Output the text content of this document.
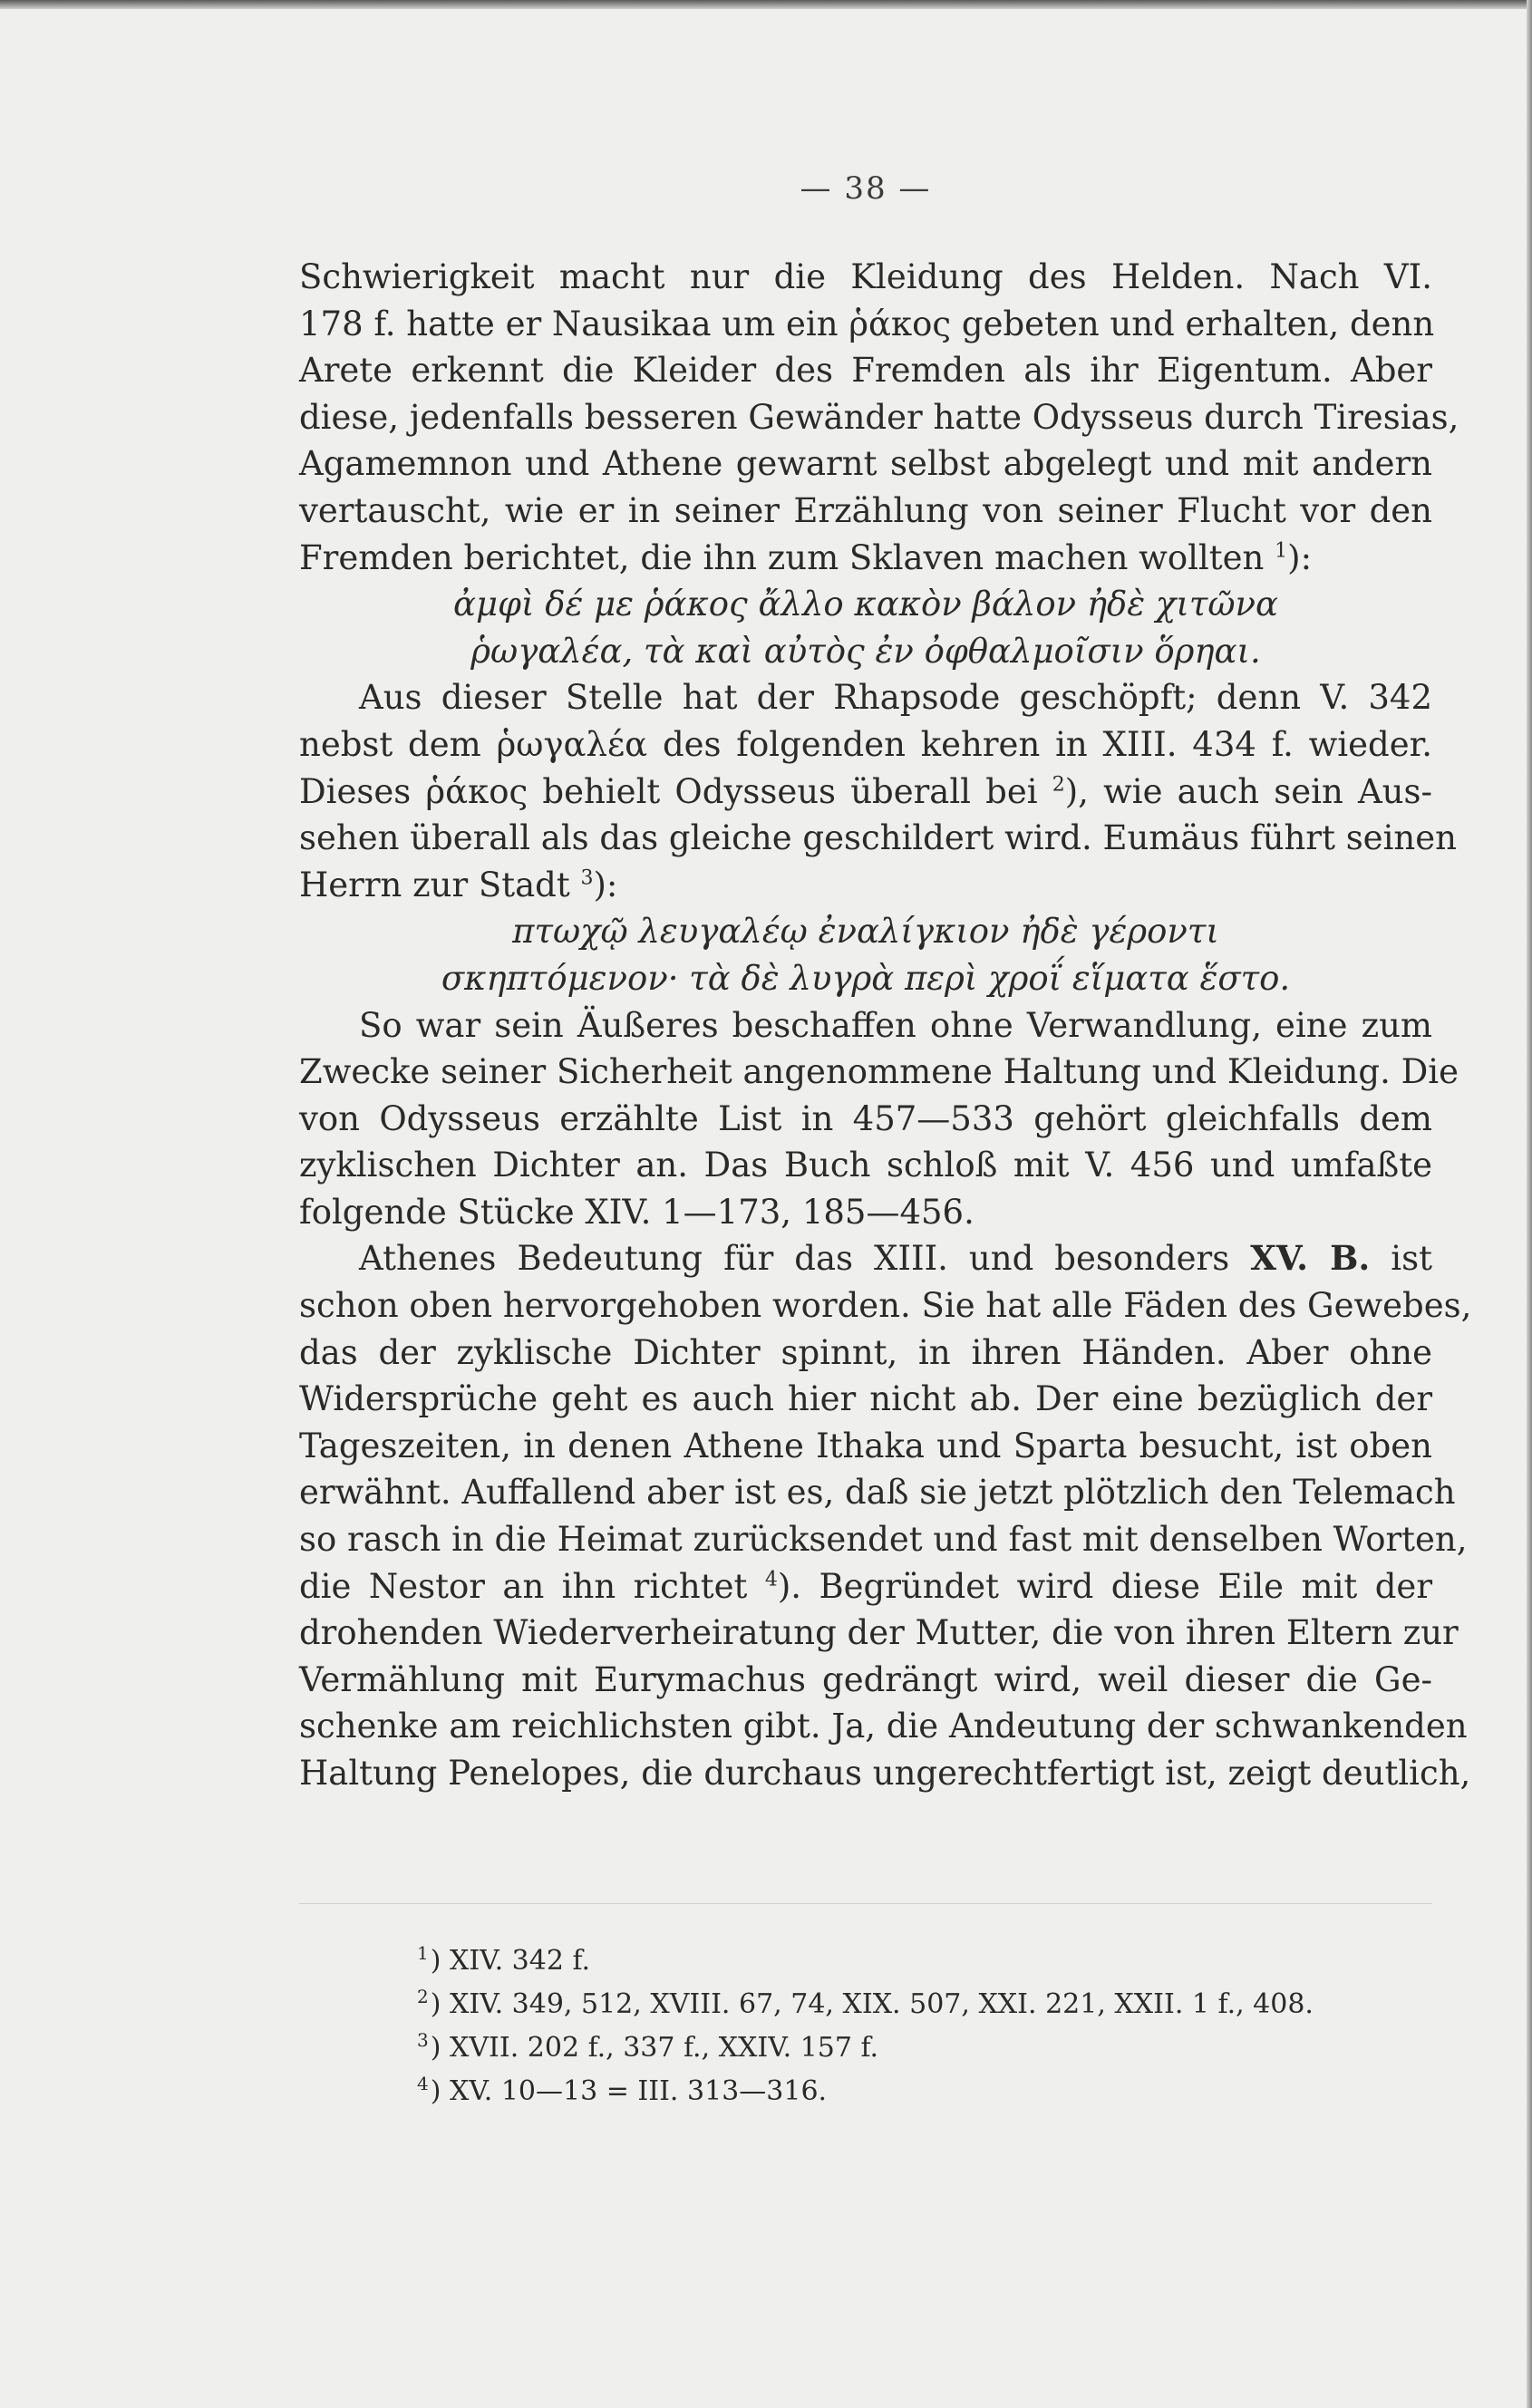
— 38 —

Schwierigkeit macht nur die Kleidung des Helden. Nach VI.
178 f. hatte er Nausikaa um ein ῥάκος gebeten und erhalten, denn
Arete erkennt die Kleider des Fremden als ihr Eigentum. Aber
diese, jedenfalls besseren Gewänder hatte Odysseus durch Tiresias,
Agamemnon und Athene gewarnt selbst abgelegt und mit andern
vertauscht, wie er in seiner Erzählung von seiner Flucht vor den
Fremden berichtet, die ihn zum Sklaven machen wollten $^1$):

ἀμφὶ δέ με ῥάκος ἄλλο κακὸν βάλον ἠδὲ χιτῶνα
ῥωγαλέα, τὰ καὶ αὐτὸς ἐν ὀφθαλμοῖσιν ὅρηαι.

Aus dieser Stelle hat der Rhapsode geschöpft; denn V. 342
nebst dem ῥωγαλέα des folgenden kehren in XIII. 434 f. wieder.
Dieses ῥάκος behielt Odysseus überall bei $^2$), wie auch sein Aus-
sehen überall als das gleiche geschildert wird. Eumäus führt seinen
Herrn zur Stadt $^3$):

πτωχῷ λευγαλέῳ ἐναλίγκιον ἠδὲ γέροντι
σκηπτόμενον· τὰ δὲ λυγρὰ περὶ χροΐ εἵματα ἕστο.

So war sein Äußeres beschaffen ohne Verwandlung, eine zum
Zwecke seiner Sicherheit angenommene Haltung und Kleidung. Die
von Odysseus erzählte List in 457—533 gehört gleichfalls dem
zyklischen Dichter an. Das Buch schloß mit V. 456 und umfaßte
folgende Stücke XIV. 1—173, 185—456.

Athenes Bedeutung für das XIII. und besonders XV. B. ist
schon oben hervorgehoben worden. Sie hat alle Fäden des Gewebes,
das der zyklische Dichter spinnt, in ihren Händen. Aber ohne
Widersprüche geht es auch hier nicht ab. Der eine bezüglich der
Tageszeiten, in denen Athene Ithaka und Sparta besucht, ist oben
erwähnt. Auffallend aber ist es, daß sie jetzt plötzlich den Telemach
so rasch in die Heimat zurücksendet und fast mit denselben Worten,
die Nestor an ihn richtet $^4$). Begründet wird diese Eile mit der
drohenden Wiederverheiratung der Mutter, die von ihren Eltern zur
Vermählung mit Eurymachus gedrängt wird, weil dieser die Ge-
schenke am reichlichsten gibt. Ja, die Andeutung der schwankenden
Haltung Penelopes, die durchaus ungerechtfertigt ist, zeigt deutlich,

$^1$) XIV. 342 f.
$^2$) XIV. 349, 512, XVIII. 67, 74, XIX. 507, XXI. 221, XXII. 1 f., 408.
$^3$) XVII. 202 f., 337 f., XXIV. 157 f.
$^4$) XV. 10—13 = III. 313—316.
